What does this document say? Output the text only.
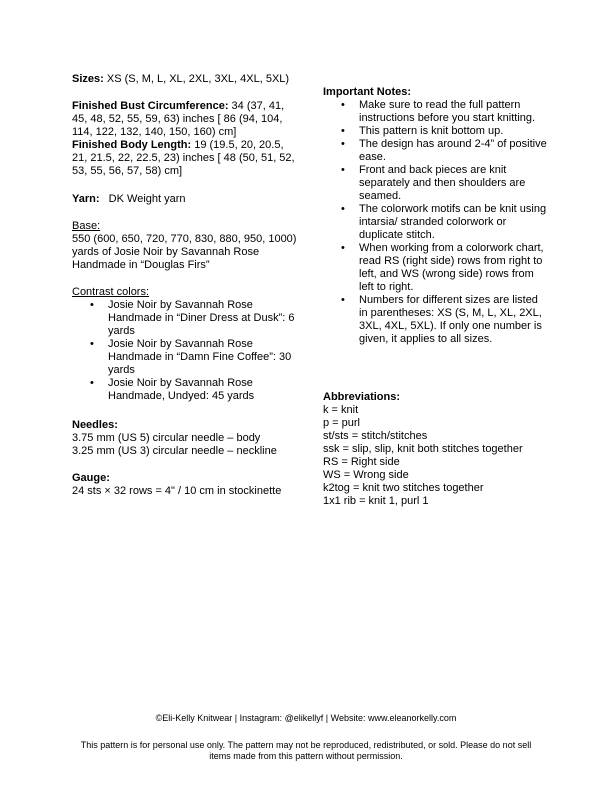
Sizes: XS (S, M, L, XL, 2XL, 3XL, 4XL, 5XL)

Finished Bust Circumference: 34 (37, 41, 45, 48, 52, 55, 59, 63) inches [ 86 (94, 104, 114, 122, 132, 140, 150, 160) cm]

Finished Body Length: 19 (19.5, 20, 20.5, 21, 21.5, 22, 22.5, 23) inches [ 48 (50, 51, 52, 53, 55, 56, 57, 58) cm]

Yarn:   DK Weight yarn

Base:

550 (600, 650, 720, 770, 830, 880, 950, 1000) yards of Josie Noir by Savannah Rose Handmade in “Douglas Firs”

Contrast colors:

• Josie Noir by Savannah Rose Handmade in “Diner Dress at Dusk”: 6 yards
• Josie Noir by Savannah Rose Handmade in “Damn Fine Coffee”: 30 yards
• Josie Noir by Savannah Rose Handmade, Undyed: 45 yards

Needles:

3.75 mm (US 5) circular needle – body
3.25 mm (US 3) circular needle – neckline

Gauge:

24 sts × 32 rows = 4" / 10 cm in stockinette

Important Notes:

• Make sure to read the full pattern instructions before you start knitting.
• This pattern is knit bottom up.
• The design has around 2-4” of positive ease.
• Front and back pieces are knit separately and then shoulders are seamed.
• The colorwork motifs can be knit using intarsia/ stranded colorwork or duplicate stitch.
• When working from a colorwork chart, read RS (right side) rows from right to left, and WS (wrong side) rows from left to right.
• Numbers for different sizes are listed in parentheses: XS (S, M, L, XL, 2XL, 3XL, 4XL, 5XL). If only one number is given, it applies to all sizes.

Abbreviations:

k = knit
p = purl
st/sts = stitch/stitches
ssk = slip, slip, knit both stitches together
RS = Right side
WS = Wrong side
k2tog = knit two stitches together
1x1 rib = knit 1, purl 1

©Eli-Kelly Knitwear | Instagram: @elikellyf | Website: www.eleanorkelly.com

This pattern is for personal use only. The pattern may not be reproduced, redistributed, or sold. Please do not sell items made from this pattern without permission.
